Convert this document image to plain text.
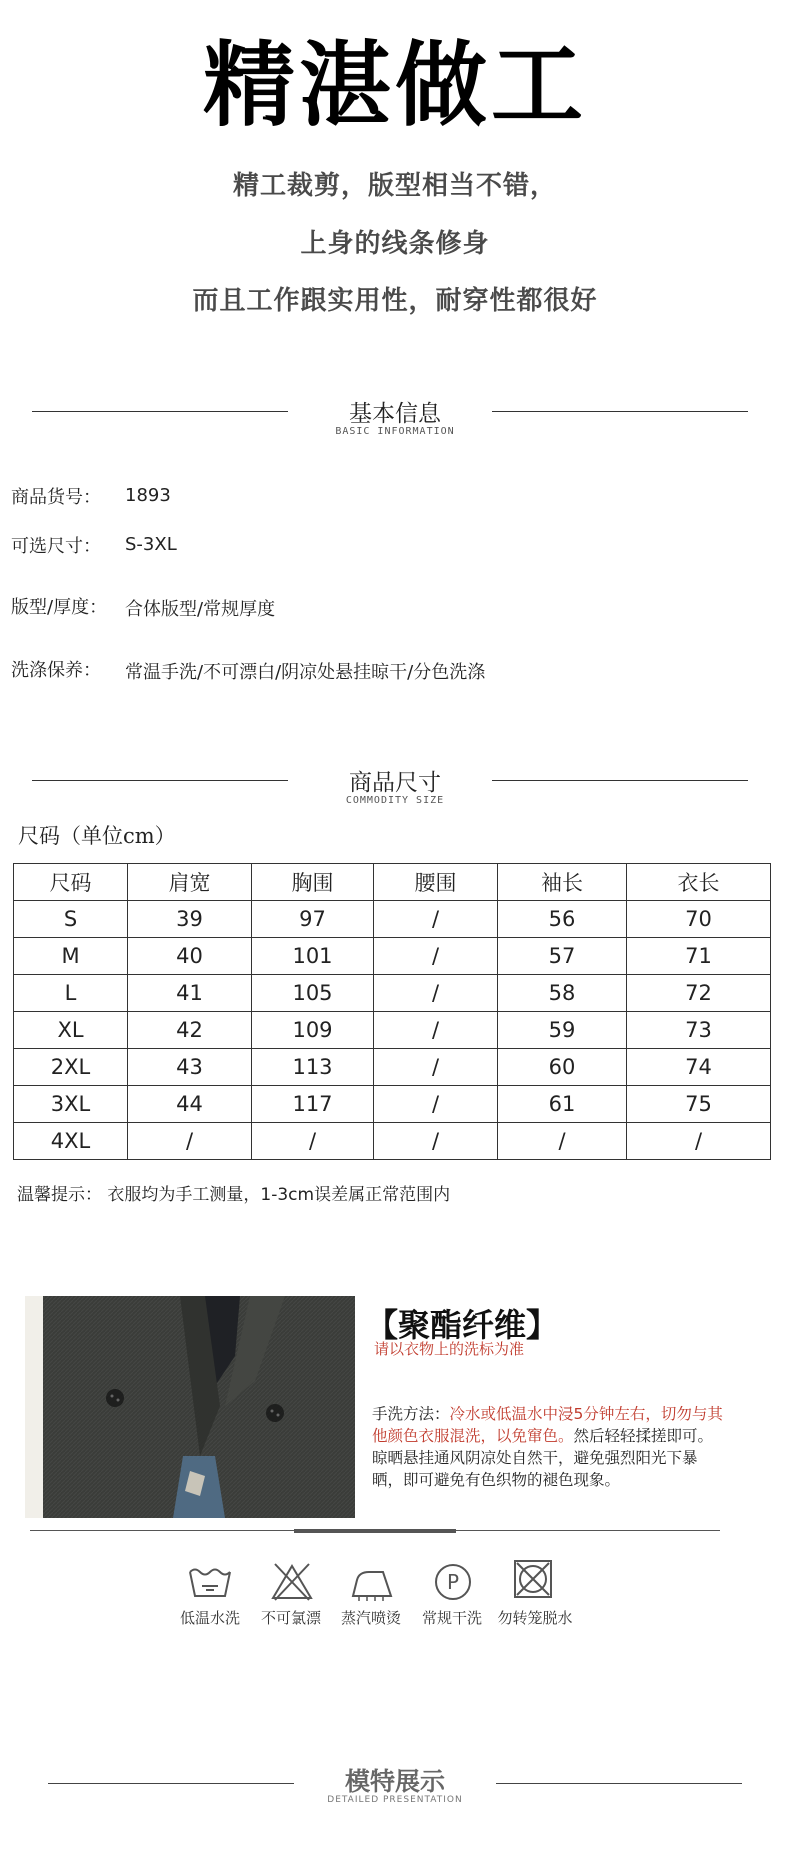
精湛做工
精工裁剪，版型相当不错，
上身的线条修身
而且工作跟实用性，耐穿性都很好
基本信息
BASIC INFORMATION
商品货号： 1893
可选尺寸： S-3XL
版型/厚度： 合体版型/常规厚度
洗涤保养： 常温手洗/不可漂白/阴凉处悬挂晾干/分色洗涤
商品尺寸
COMMODITY SIZE
尺码（单位cm）
尺码	肩宽	胸围	腰围	袖长	衣长
S	39	97	/	56	70
M	40	101	/	57	71
L	41	105	/	58	72
XL	42	109	/	59	73
2XL	43	113	/	60	74
3XL	44	117	/	61	75
4XL	/	/	/	/	/
温馨提示： 衣服均为手工测量，1-3cm误差属正常范围内
【聚酯纤维】
请以衣物上的洗标为准
手洗方法：冷水或低温水中浸5分钟左右，切勿与其他颜色衣服混洗，以免窜色。然后轻轻揉搓即可。晾晒悬挂通风阴凉处自然干，避免强烈阳光下暴晒，即可避免有色织物的褪色现象。
P
低温水洗	不可氯漂	蒸汽喷烫	常规干洗	勿转笼脱水
模特展示
DETAILED PRESENTATION
